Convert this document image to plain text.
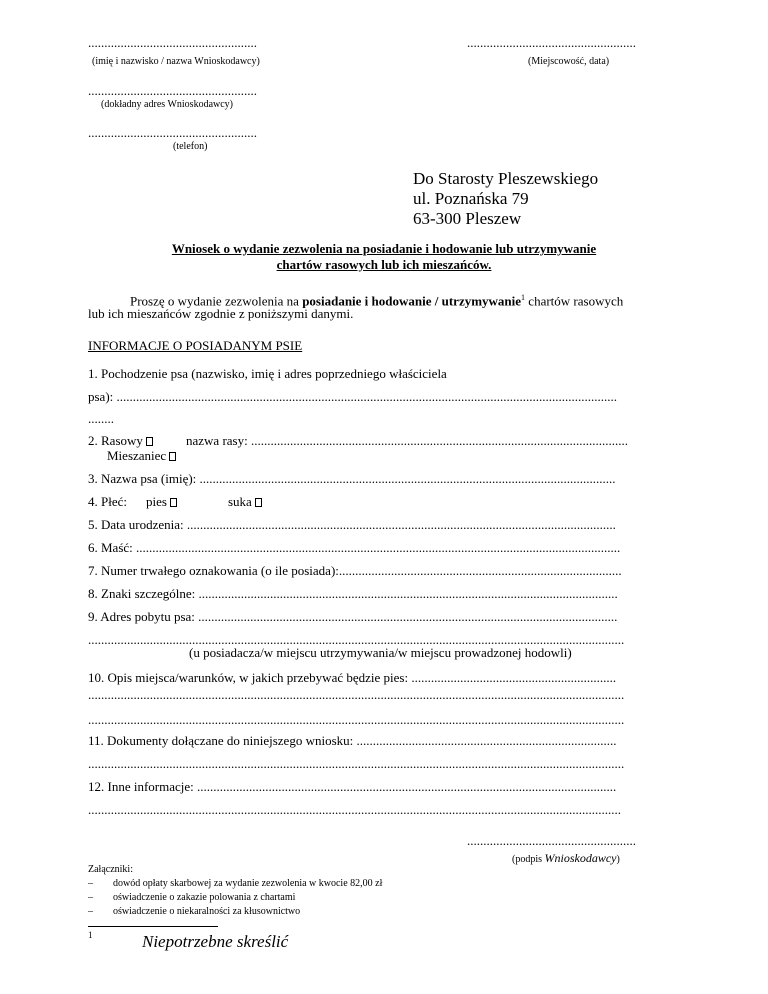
....................................................
(imię i nazwisko / nazwa Wnioskodawcy)
....................................................
(Miejscowość, data)
....................................................
(dokładny adres Wnioskodawcy)
....................................................
(telefon)
Do Starosty Pleszewskiego
ul. Poznańska 79
63-300 Pleszew
Wniosek o wydanie zezwolenia na posiadanie i hodowanie lub utrzymywanie
chartów rasowych lub ich mieszańców.
Proszę o wydanie zezwolenia na posiadanie i hodowanie / utrzymywanie$^1$ chartów rasowych
lub ich mieszańców zgodnie z poniższymi danymi.
INFORMACJE O POSIADANYM PSIE
1. Pochodzenie psa (nazwisko, imię i adres poprzedniego właściciela
psa): ..........................................................................................................................................................
........
2. Rasowy	nazwa rasy: ....................................................................................................................
Mieszaniec
3. Nazwa psa (imię): ................................................................................................................................
4. Płeć: pies	suka
5. Data urodzenia: ....................................................................................................................................
6. Maść: .....................................................................................................................................................
7. Numer trwałego oznakowania (o ile posiada):.......................................................................................
8. Znaki szczególne: .................................................................................................................................
9. Adres pobytu psa: .................................................................................................................................
.....................................................................................................................................................................
(u posiadacza/w miejscu utrzymywania/w miejscu prowadzonej hodowli)
10. Opis miejsca/warunków, w jakich przebywać będzie pies: ...............................................................
.....................................................................................................................................................................
.....................................................................................................................................................................
11. Dokumenty dołączane do niniejszego wniosku: ................................................................................
.....................................................................................................................................................................
12. Inne informacje: .................................................................................................................................
....................................................................................................................................................................
....................................................
(podpis Wnioskodawcy)
Załączniki:
– dowód opłaty skarbowej za wydanie zezwolenia w kwocie 82,00 zł
– oświadczenie o zakazie polowania z chartami
– oświadczenie o niekaralności za kłusownictwo
1	Niepotrzebne skreślić
